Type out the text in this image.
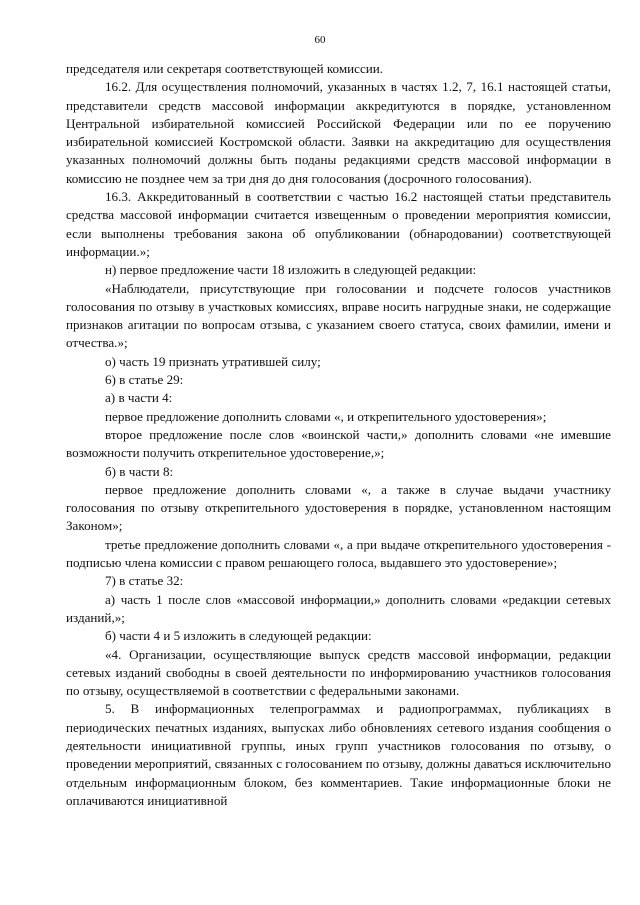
60

председателя или секретаря соответствующей комиссии.

16.2. Для осуществления полномочий, указанных в частях 1.2, 7, 16.1 настоящей статьи, представители средств массовой информации аккредитуются в порядке, установленном Центральной избирательной комиссией Российской Федерации или по ее поручению избирательной комиссией Костромской области. Заявки на аккредитацию для осуществления указанных полномочий должны быть поданы редакциями средств массовой информации в комиссию не позднее чем за три дня до дня голосования (досрочного голосования).

16.3. Аккредитованный в соответствии с частью 16.2 настоящей статьи представитель средства массовой информации считается извещенным о проведении мероприятия комиссии, если выполнены требования закона об опубликовании (обнародовании) соответствующей информации.»;

н) первое предложение части 18 изложить в следующей редакции:

«Наблюдатели, присутствующие при голосовании и подсчете голосов участников голосования по отзыву в участковых комиссиях, вправе носить нагрудные знаки, не содержащие признаков агитации по вопросам отзыва, с указанием своего статуса, своих фамилии, имени и отчества.»;

о) часть 19 признать утратившей силу;

6) в статье 29:

а) в части 4:

первое предложение дополнить словами «, и открепительного удостоверения»;

второе предложение после слов «воинской части,» дополнить словами «не имевшие возможности получить открепительное удостоверение,»;

б) в части 8:

первое предложение дополнить словами «, а также в случае выдачи участнику голосования по отзыву открепительного удостоверения в порядке, установленном настоящим Законом»;

третье предложение дополнить словами «, а при выдаче открепительного удостоверения - подписью члена комиссии с правом решающего голоса, выдавшего это удостоверение»;

7) в статье 32:

а) часть 1 после слов «массовой информации,» дополнить словами «редакции сетевых изданий,»;

б) части 4 и 5 изложить в следующей редакции:

«4. Организации, осуществляющие выпуск средств массовой информации, редакции сетевых изданий свободны в своей деятельности по информированию участников голосования по отзыву, осуществляемой в соответствии с федеральными законами.

5. В информационных телепрограммах и радиопрограммах, публикациях в периодических печатных изданиях, выпусках либо обновлениях сетевого издания сообщения о деятельности инициативной группы, иных групп участников голосования по отзыву, о проведении мероприятий, связанных с голосованием по отзыву, должны даваться исключительно отдельным информационным блоком, без комментариев. Такие информационные блоки не оплачиваются инициативной
